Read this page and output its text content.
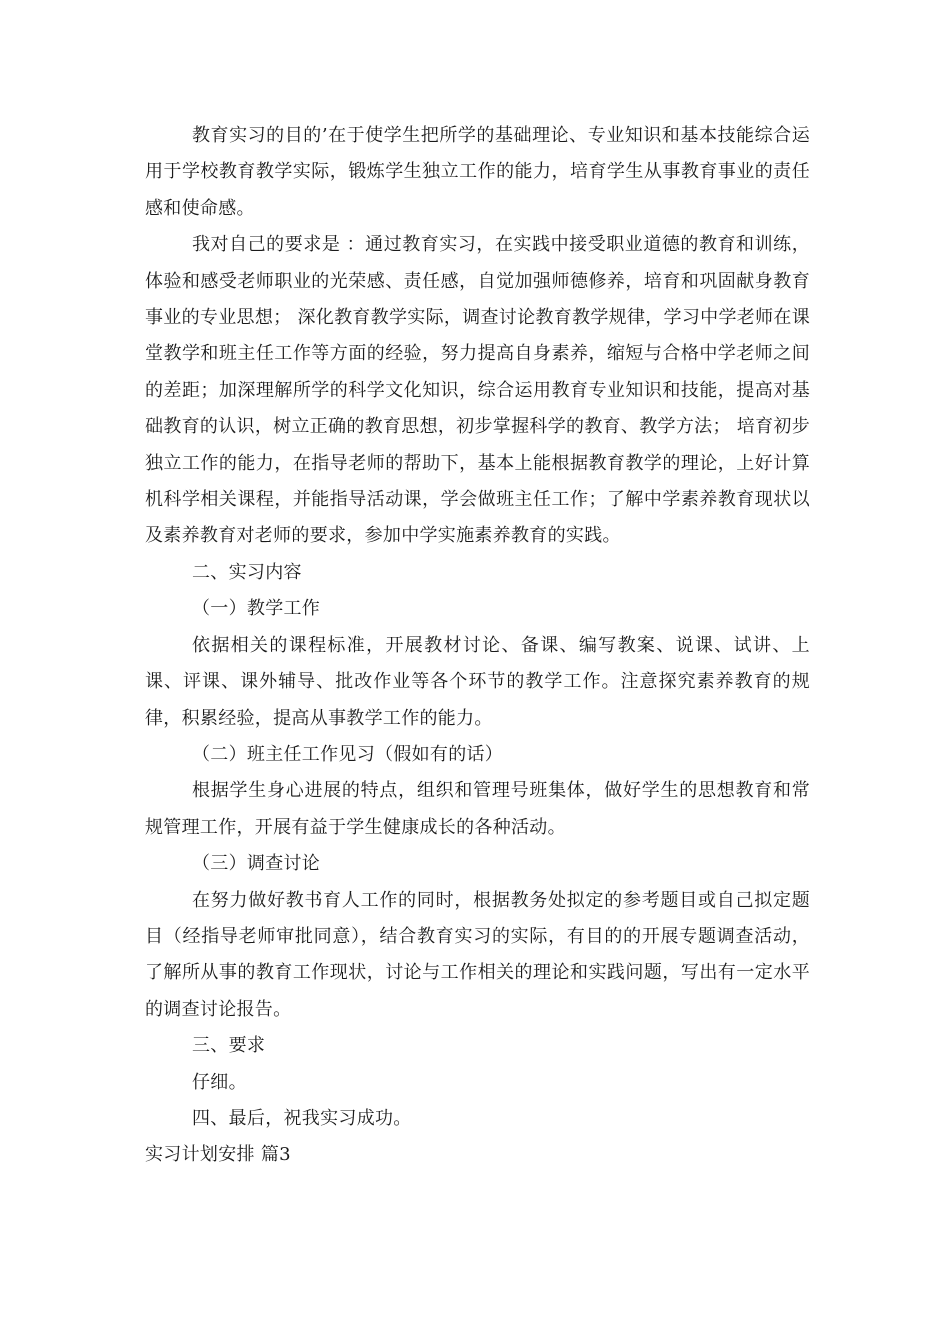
教育实习的目的’在于使学生把所学的基础理论、专业知识和基本技能综合运用于学校教育教学实际，锻炼学生独立工作的能力，培育学生从事教育事业的责任感和使命感。

我对自己的要求是 ：通过教育实习，在实践中接受职业道德的教育和训练，体验和感受老师职业的光荣感、责任感，自觉加强师德修养，培育和巩固献身教育事业的专业思想； 深化教育教学实际，调查讨论教育教学规律，学习中学老师在课堂教学和班主任工作等方面的经验，努力提高自身素养，缩短与合格中学老师之间的差距；加深理解所学的科学文化知识，综合运用教育专业知识和技能，提高对基础教育的认识，树立正确的教育思想，初步掌握科学的教育、教学方法； 培育初步独立工作的能力，在指导老师的帮助下，基本上能根据教育教学的理论，上好计算机科学相关课程，并能指导活动课，学会做班主任工作；了解中学素养教育现状以及素养教育对老师的要求，参加中学实施素养教育的实践。

二、实习内容

（一）教学工作

依据相关的课程标准，开展教材讨论、备课、编写教案、说课、试讲、上课、评课、课外辅导、批改作业等各个环节的教学工作。注意探究素养教育的规律，积累经验，提高从事教学工作的能力。

（二）班主任工作见习（假如有的话）

根据学生身心进展的特点，组织和管理号班集体，做好学生的思想教育和常规管理工作，开展有益于学生健康成长的各种活动。

（三）调查讨论

在努力做好教书育人工作的同时，根据教务处拟定的参考题目或自己拟定题目（经指导老师审批同意），结合教育实习的实际，有目的的开展专题调查活动，了解所从事的教育工作现状，讨论与工作相关的理论和实践问题，写出有一定水平的调查讨论报告。

三、要求

仔细。

四、最后，祝我实习成功。

实习计划安排 篇3
